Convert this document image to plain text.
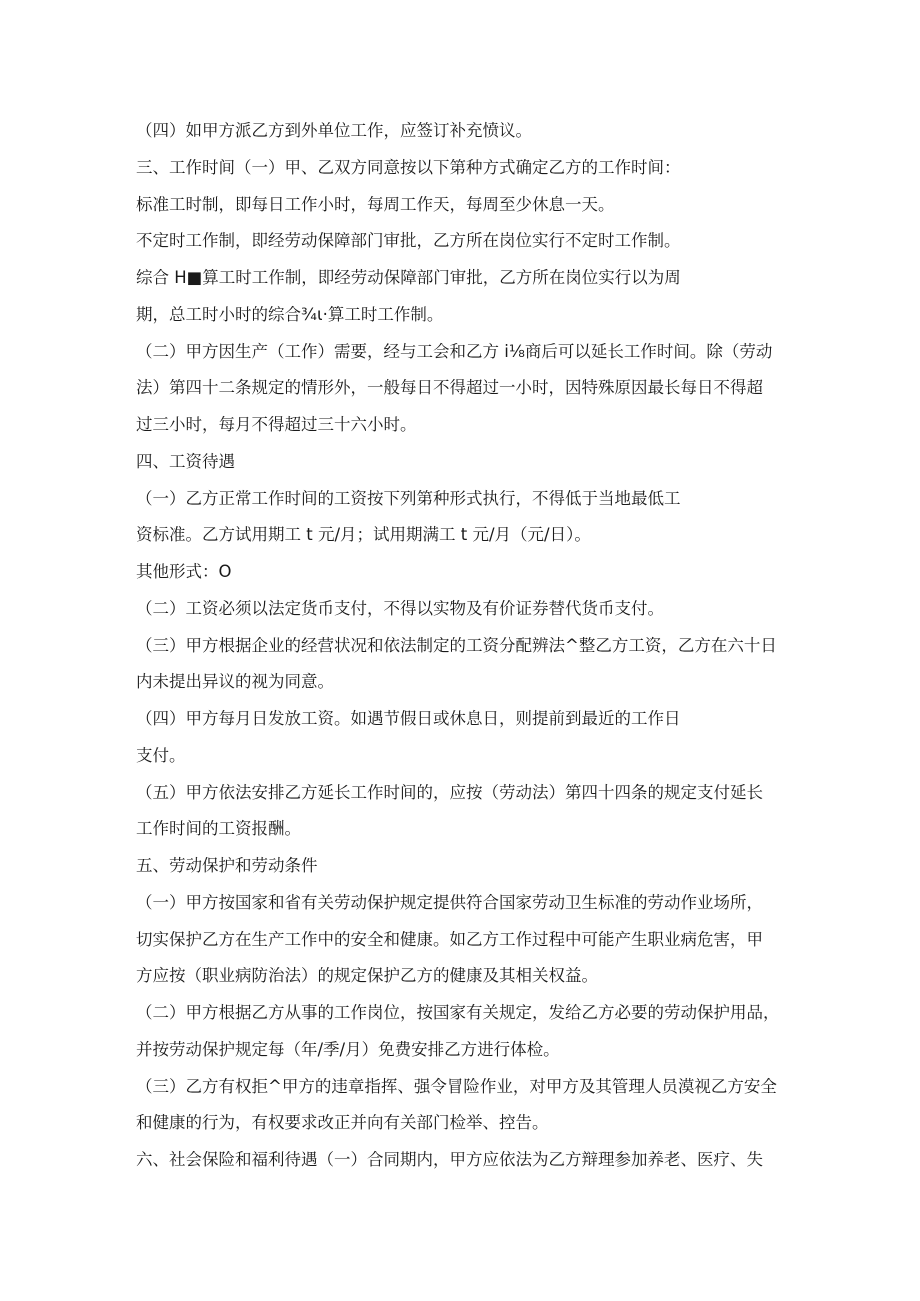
（四）如甲方派乙方到外单位工作，应签订补充愤议。
三、工作时间（一）甲、乙双方同意按以下第种方式确定乙方的工作时间：
标准工时制，即每日工作小时，每周工作天，每周至少休息一天。
不定时工作制，即经劳动保障部门审批，乙方所在岗位实行不定时工作制。
综合 H■算工时工作制，即经劳动保障部门审批，乙方所在岗位实行以为周
期，总工时小时的综合¾ι·算工时工作制。
（二）甲方因生产（工作）需要，经与工会和乙方 i⅛商后可以延长工作时间。除（劳动
法）第四十二条规定的情形外，一般每日不得超过一小时，因特殊原因最长每日不得超
过三小时，每月不得超过三十六小时。
四、工资待遇
（一）乙方正常工作时间的工资按下列第种形式执行，不得低于当地最低工
资标准。乙方试用期工 t 元/月；试用期满工 t 元/月（元/日）。
其他形式：O
（二）工资必须以法定货币支付，不得以实物及有价证券替代货币支付。
（三）甲方根据企业的经营状况和依法制定的工资分配辨法^整乙方工资，乙方在六十日
内未提出异议的视为同意。
（四）甲方每月日发放工资。如遇节假日或休息日，则提前到最近的工作日
支付。
（五）甲方依法安排乙方延长工作时间的，应按（劳动法）第四十四条的规定支付延长
工作时间的工资报酬。
五、劳动保护和劳动条件
（一）甲方按国家和省有关劳动保护规定提供符合国家劳动卫生标准的劳动作业场所，
切实保护乙方在生产工作中的安全和健康。如乙方工作过程中可能产生职业病危害，甲
方应按（职业病防治法）的规定保护乙方的健康及其相关权益。
（二）甲方根据乙方从事的工作岗位，按国家有关规定，发给乙方必要的劳动保护用品，
并按劳动保护规定每（年/季/月）免费安排乙方进行体检。
（三）乙方有权拒^甲方的违章指挥、强令冒险作业，对甲方及其管理人员漠视乙方安全
和健康的行为，有权要求改正并向有关部门检举、控告。
六、社会保险和福利待遇（一）合同期内，甲方应依法为乙方辩理参加养老、医疗、失
